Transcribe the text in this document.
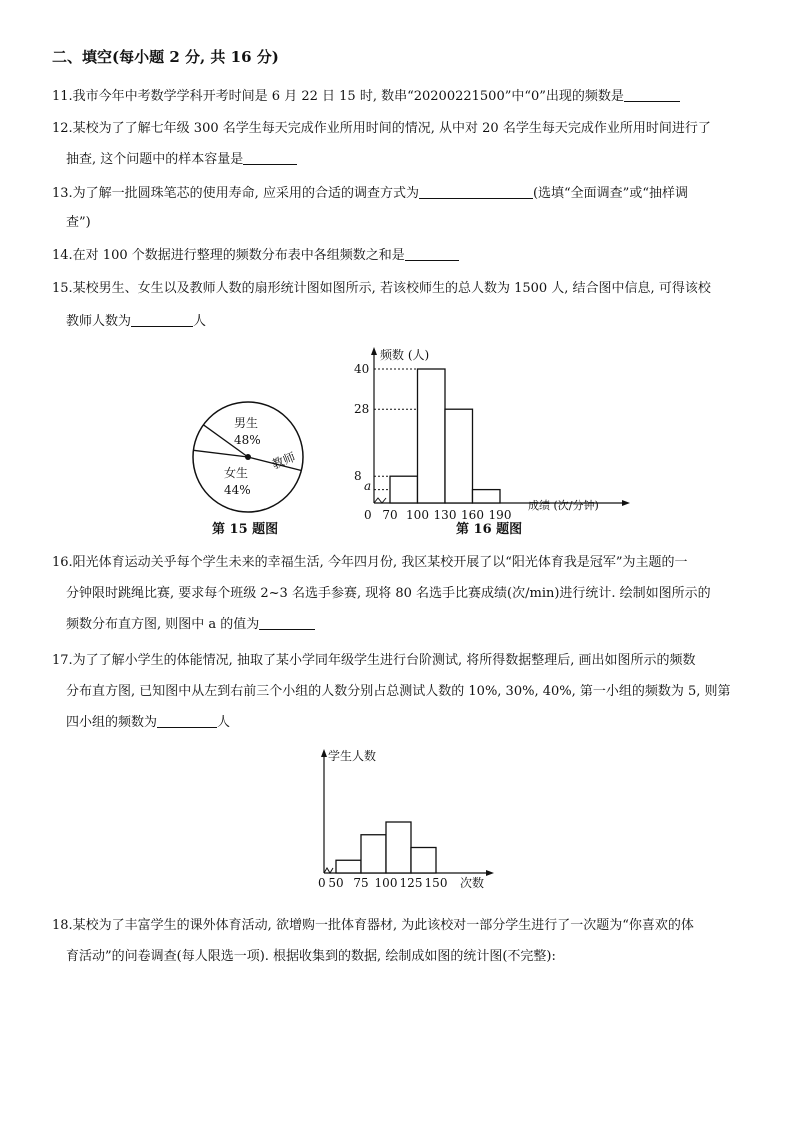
二、填空(每小题 2 分, 共 16 分)
11.我市今年中考数学学科开考时间是 6 月 22 日 15 时, 数串“20200221500”中“0”出现的频数是
12.某校为了了解七年级 300 名学生每天完成作业所用时间的情况, 从中对 20 名学生每天完成作业所用时间进行了
抽查, 这个问题中的样本容量是
13.为了解一批圆珠笔芯的使用寿命, 应采用的合适的调查方式为	(选填“全面调查”或“抽样调
查”)
14.在对 100 个数据进行整理的频数分布表中各组频数之和是
15.某校男生、女生以及教师人数的扇形统计图如图所示, 若该校师生的总人数为 1500 人, 结合图中信息, 可得该校
教师人数为	人
男生
48%
女生
44%
教师
第 15 题图
频数 (人)
0
成绩 (次/分钟)
a
8
28
40
70 100 130 160 190
第 16 题图
16.阳光体育运动关乎每个学生未来的幸福生活, 今年四月份, 我区某校开展了以“阳光体育我是冠军”为主题的一
分钟限时跳绳比赛, 要求每个班级 2~3 名选手参赛, 现将 80 名选手比赛成绩(次/min)进行统计. 绘制如图所示的
频数分布直方图, 则图中 a 的值为
17.为了了解小学生的体能情况, 抽取了某小学同年级学生进行台阶测试, 将所得数据整理后, 画出如图所示的频数
分布直方图, 已知图中从左到右前三个小组的人数分别占总测试人数的 10%, 30%, 40%, 第一小组的频数为 5, 则第
四小组的频数为	人
学生人数
0	次数
50 75 100 125 150
18.某校为了丰富学生的课外体育活动, 欲增购一批体育器材, 为此该校对一部分学生进行了一次题为“你喜欢的体
育活动”的问卷调查(每人限选一项). 根据收集到的数据, 绘制成如图的统计图(不完整):
